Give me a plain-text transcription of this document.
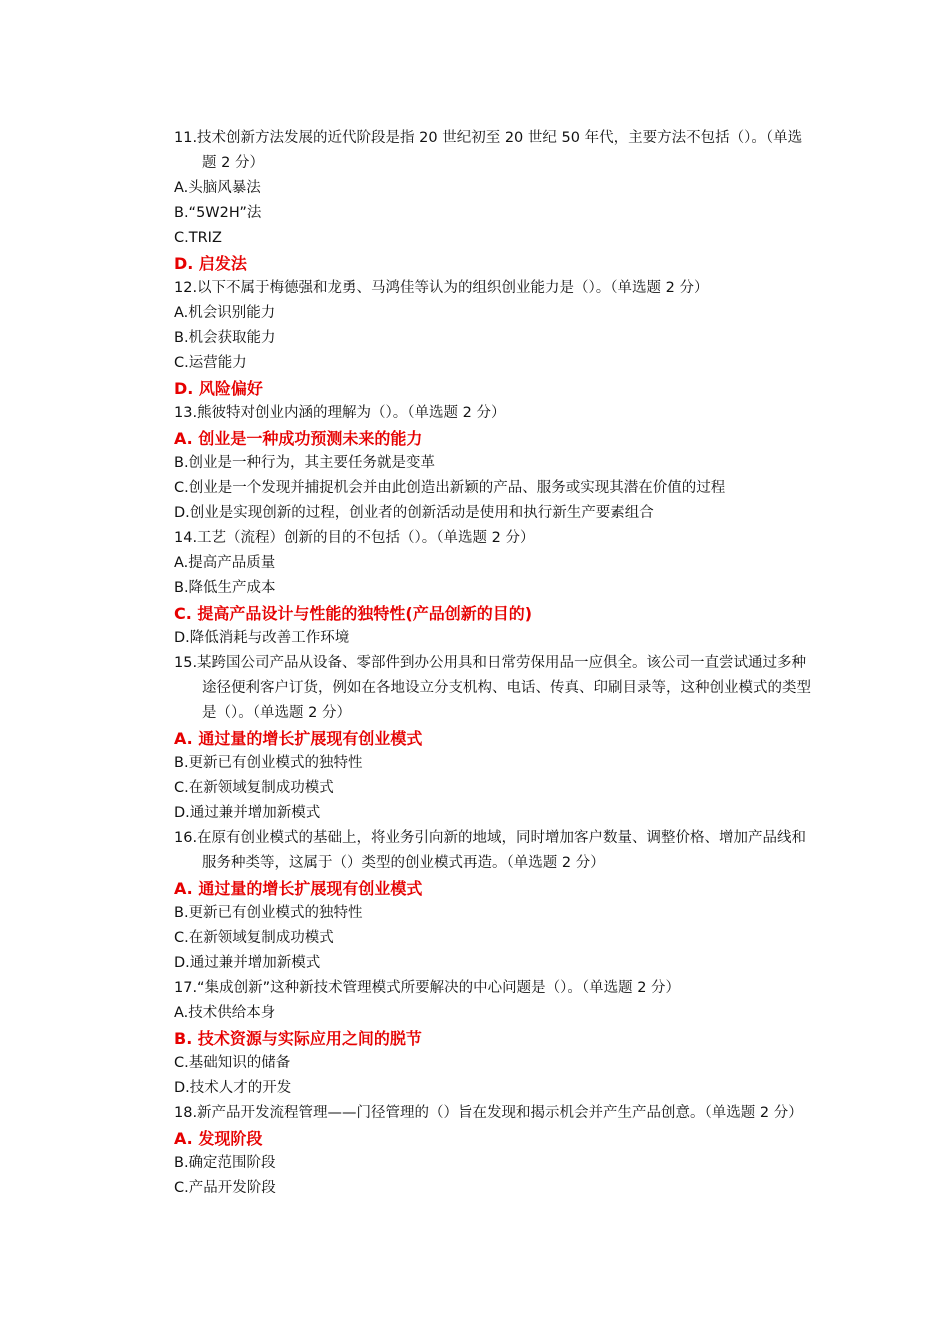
11.技术创新方法发展的近代阶段是指 20 世纪初至 20 世纪 50 年代，主要方法不包括（）。（单选题 2 分）

A.头脑风暴法

B.“5W2H”法

C.TRIZ

D. 启发法

12.以下不属于梅德强和龙勇、马鸿佳等认为的组织创业能力是（）。（单选题 2 分）

A.机会识别能力

B.机会获取能力

C.运营能力

D. 风险偏好

13.熊彼特对创业内涵的理解为（）。（单选题 2 分）

A. 创业是一种成功预测未来的能力

B.创业是一种行为，其主要任务就是变革

C.创业是一个发现并捕捉机会并由此创造出新颖的产品、服务或实现其潜在价值的过程

D.创业是实现创新的过程，创业者的创新活动是使用和执行新生产要素组合

14.工艺（流程）创新的目的不包括（）。（单选题 2 分）

A.提高产品质量

B.降低生产成本

C. 提高产品设计与性能的独特性(产品创新的目的)

D.降低消耗与改善工作环境

15.某跨国公司产品从设备、零部件到办公用具和日常劳保用品一应俱全。该公司一直尝试通过多种途径便利客户订货，例如在各地设立分支机构、电话、传真、印刷目录等，这种创业模式的类型是（）。（单选题 2 分）

A. 通过量的增长扩展现有创业模式

B.更新已有创业模式的独特性

C.在新领域复制成功模式

D.通过兼并增加新模式

16.在原有创业模式的基础上，将业务引向新的地域，同时增加客户数量、调整价格、增加产品线和服务种类等，这属于（）类型的创业模式再造。（单选题 2 分）

A. 通过量的增长扩展现有创业模式

B.更新已有创业模式的独特性

C.在新领域复制成功模式

D.通过兼并增加新模式

17.“集成创新”这种新技术管理模式所要解决的中心问题是（）。（单选题 2 分）

A.技术供给本身

B. 技术资源与实际应用之间的脱节

C.基础知识的储备

D.技术人才的开发

18.新产品开发流程管理——门径管理的（）旨在发现和揭示机会并产生产品创意。（单选题 2 分）

A. 发现阶段

B.确定范围阶段

C.产品开发阶段
